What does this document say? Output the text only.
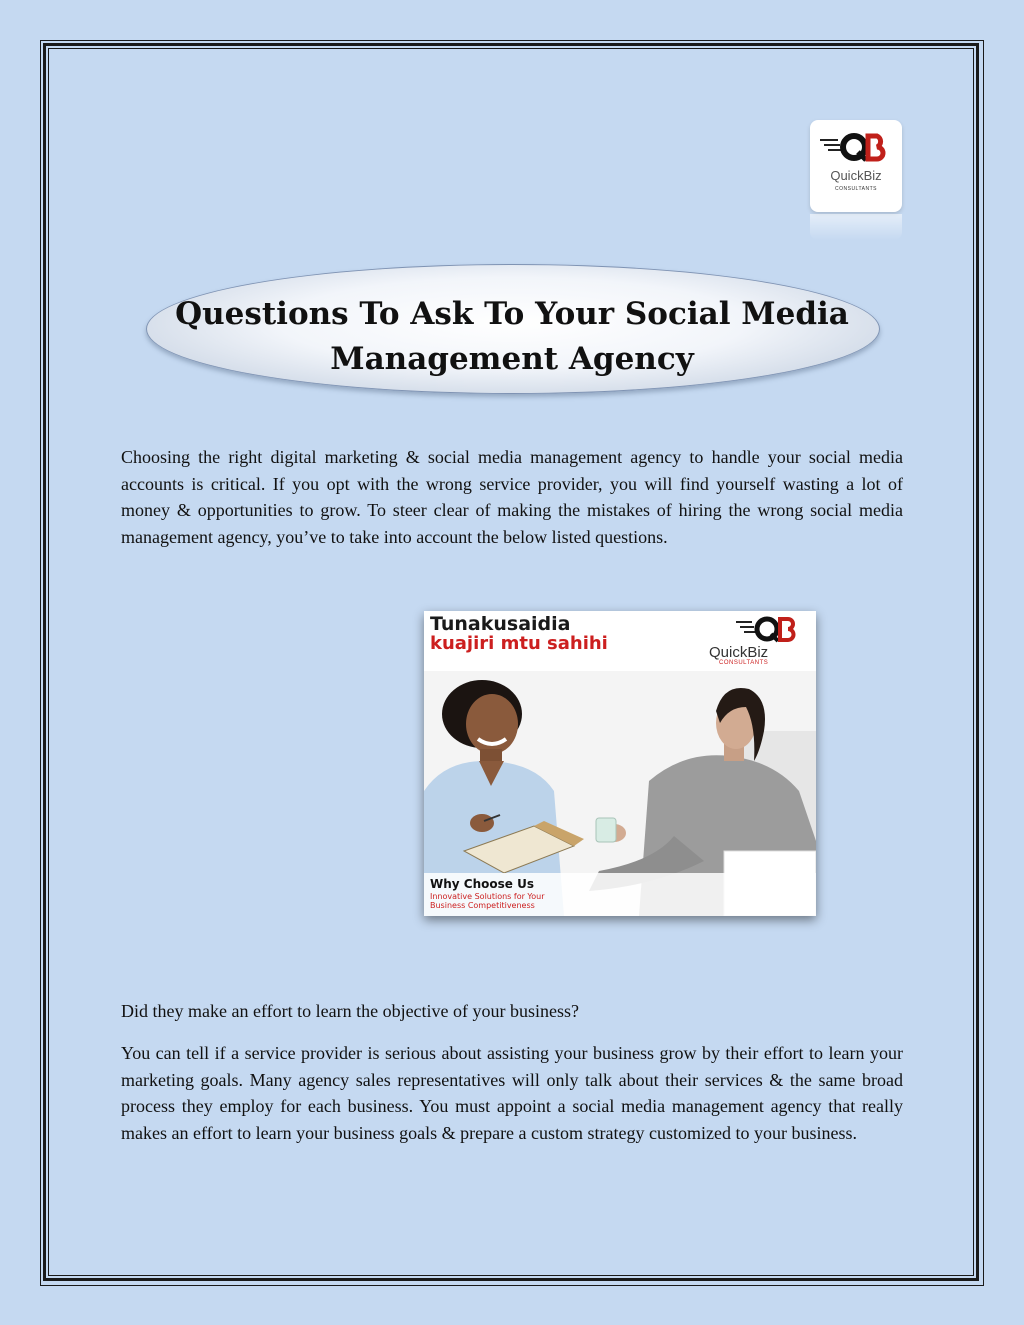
QuickBiz
CONSULTANTS
Questions To Ask To Your Social Media
Management Agency

Choosing the right digital marketing & social media management agency to handle your social media accounts is critical. If you opt with the wrong service provider, you will find yourself wasting a lot of money & opportunities to grow. To steer clear of making the mistakes of hiring the wrong social media management agency, you’ve to take into account the below listed questions.

Tunakusaidia
kuajiri mtu sahihi	QuickBiz
CONSULTANTS
Why Choose Us
Innovative Solutions for Your Business Competitiveness

Did they make an effort to learn the objective of your business?

You can tell if a service provider is serious about assisting your business grow by their effort to learn your marketing goals. Many agency sales representatives will only talk about their services & the same broad process they employ for each business. You must appoint a social media management agency that really makes an effort to learn your business goals & prepare a custom strategy customized to your business.
